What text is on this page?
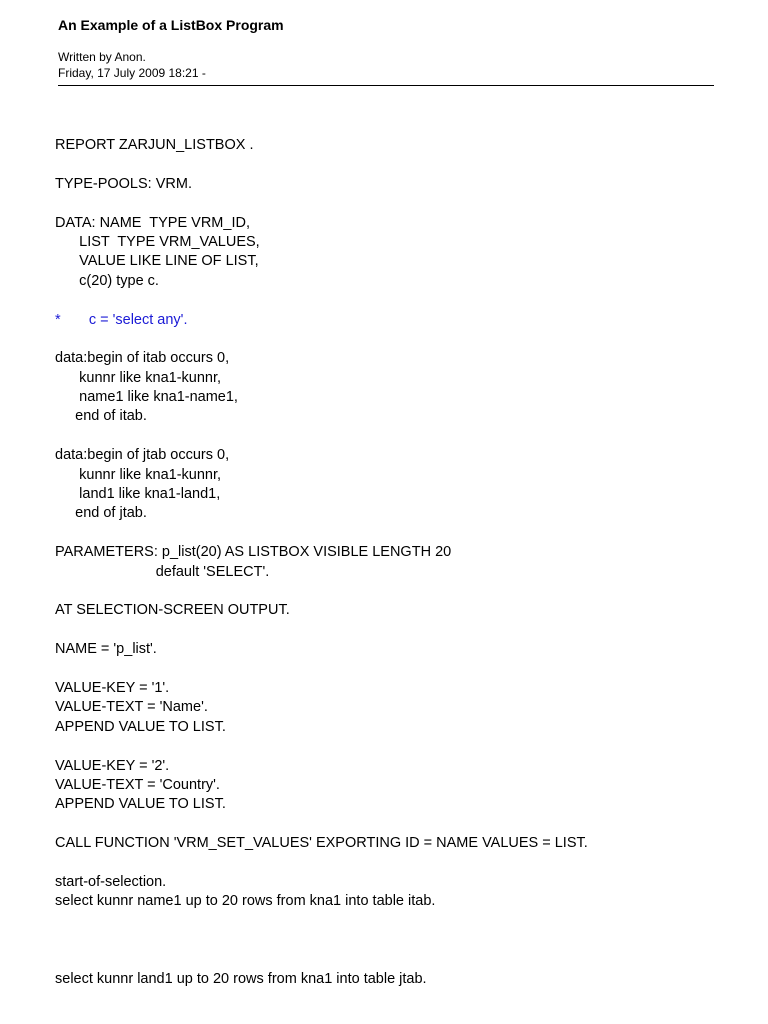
An Example of a ListBox Program
Written by Anon.
Friday, 17 July 2009 18:21 -
REPORT ZARJUN_LISTBOX .
TYPE-POOLS: VRM.
DATA: NAME  TYPE VRM_ID,
LIST  TYPE VRM_VALUES,
VALUE LIKE LINE OF LIST,
c(20) type c.
*       c = 'select any'.
data:begin of itab occurs 0,
kunnr like kna1-kunnr,
name1 like kna1-name1,
end of itab.
data:begin of jtab occurs 0,
kunnr like kna1-kunnr,
land1 like kna1-land1,
end of jtab.
PARAMETERS: p_list(20) AS LISTBOX VISIBLE LENGTH 20
default 'SELECT'.
AT SELECTION-SCREEN OUTPUT.
NAME = 'p_list'.
VALUE-KEY = '1'.
VALUE-TEXT = 'Name'.
APPEND VALUE TO LIST.
VALUE-KEY = '2'.
VALUE-TEXT = 'Country'.
APPEND VALUE TO LIST.
CALL FUNCTION 'VRM_SET_VALUES' EXPORTING ID = NAME VALUES = LIST.
start-of-selection.
select kunnr name1 up to 20 rows from kna1 into table itab.
select kunnr land1 up to 20 rows from kna1 into table jtab.
